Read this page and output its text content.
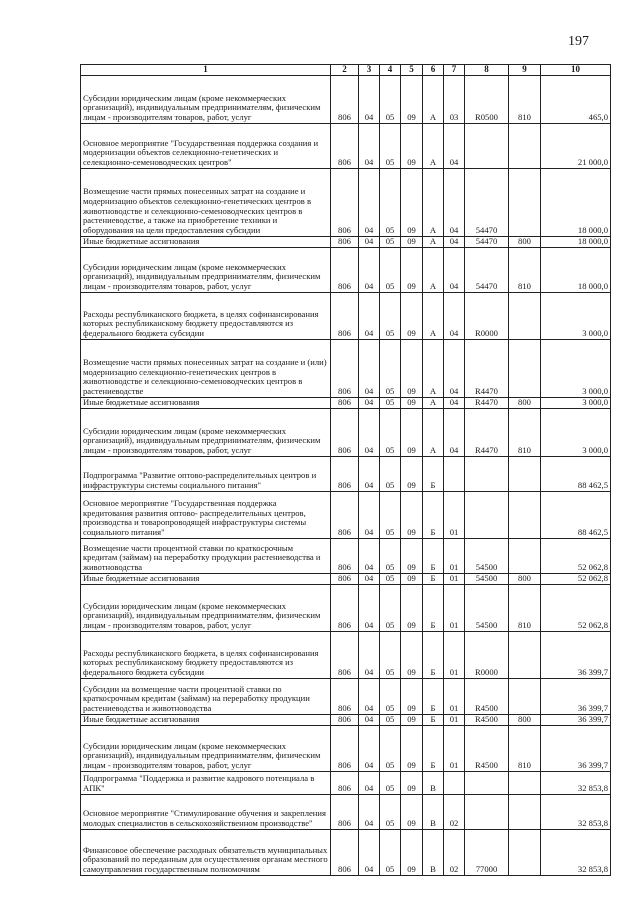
197
1	2	3	4	5	6	7	8	9	10
Субсидии юридическим лицам (кроме некоммерческих организаций), индивидуальным предпринимателям, физическим лицам - производителям товаров, работ, услуг	806	04	05	09	А	03	R0500	810	465,0
Основное мероприятие "Государственная поддержка создания и модернизации объектов селекционно-генетических и селекционно-семеноводческих центров"	806	04	05	09	А	04			21 000,0
Возмещение части прямых понесенных затрат на создание и модернизацию объектов селекционно-генетических центров в животноводстве и селекционно-семеноводческих центров в растениеводстве, а также на приобретение техники и оборудования на цели предоставления субсидии	806	04	05	09	А	04	54470		18 000,0
Иные бюджетные ассигнования	806	04	05	09	А	04	54470	800	18 000,0
Субсидии юридическим лицам (кроме некоммерческих организаций), индивидуальным предпринимателям, физическим лицам - производителям товаров, работ, услуг	806	04	05	09	А	04	54470	810	18 000,0
Расходы республиканского бюджета, в целях софинансирования которых республиканскому бюджету предоставляются из федерального бюджета субсидии	806	04	05	09	А	04	R0000		3 000,0
Возмещение части прямых понесенных затрат на создание и (или) модернизацию селекционно-генетических центров в животноводстве и селекционно-семеноводческих центров в растениеводстве	806	04	05	09	А	04	R4470		3 000,0
Иные бюджетные ассигнования	806	04	05	09	А	04	R4470	800	3 000,0
Субсидии юридическим лицам (кроме некоммерческих организаций), индивидуальным предпринимателям, физическим лицам - производителям товаров, работ, услуг	806	04	05	09	А	04	R4470	810	3 000,0
Подпрограмма "Развитие оптово-распределительных центров и инфраструктуры системы социального питания"	806	04	05	09	Б				88 462,5
Основное мероприятие "Государственная поддержка кредитования развития оптово- распределительных центров, производства и товаропроводящей инфраструктуры системы социального питания"	806	04	05	09	Б	01			88 462,5
Возмещение части процентной ставки по краткосрочным кредитам (займам) на переработку продукции растениеводства и животноводства	806	04	05	09	Б	01	54500		52 062,8
Иные бюджетные ассигнования	806	04	05	09	Б	01	54500	800	52 062,8
Субсидии юридическим лицам (кроме некоммерческих организаций), индивидуальным предпринимателям, физическим лицам - производителям товаров, работ, услуг	806	04	05	09	Б	01	54500	810	52 062,8
Расходы республиканского бюджета, в целях софинансирования которых республиканскому бюджету предоставляются из федерального бюджета субсидии	806	04	05	09	Б	01	R0000		36 399,7
Субсидии на возмещение части процентной ставки по краткосрочным кредитам (займам) на переработку продукции растениеводства и животноводства	806	04	05	09	Б	01	R4500		36 399,7
Иные бюджетные ассигнования	806	04	05	09	Б	01	R4500	800	36 399,7
Субсидии юридическим лицам (кроме некоммерческих организаций), индивидуальным предпринимателям, физическим лицам - производителям товаров, работ, услуг	806	04	05	09	Б	01	R4500	810	36 399,7
Подпрограмма "Поддержка и развитие кадрового потенциала в АПК"	806	04	05	09	В				32 853,8
Основное мероприятие "Стимулирование обучения и закрепления молодых специалистов в сельскохозяйственном производстве"	806	04	05	09	В	02			32 853,8
Финансовое обеспечение расходных обязательств муниципальных образований по переданным для осуществления органам местного самоуправления государственным полномочиям	806	04	05	09	В	02	77000		32 853,8
